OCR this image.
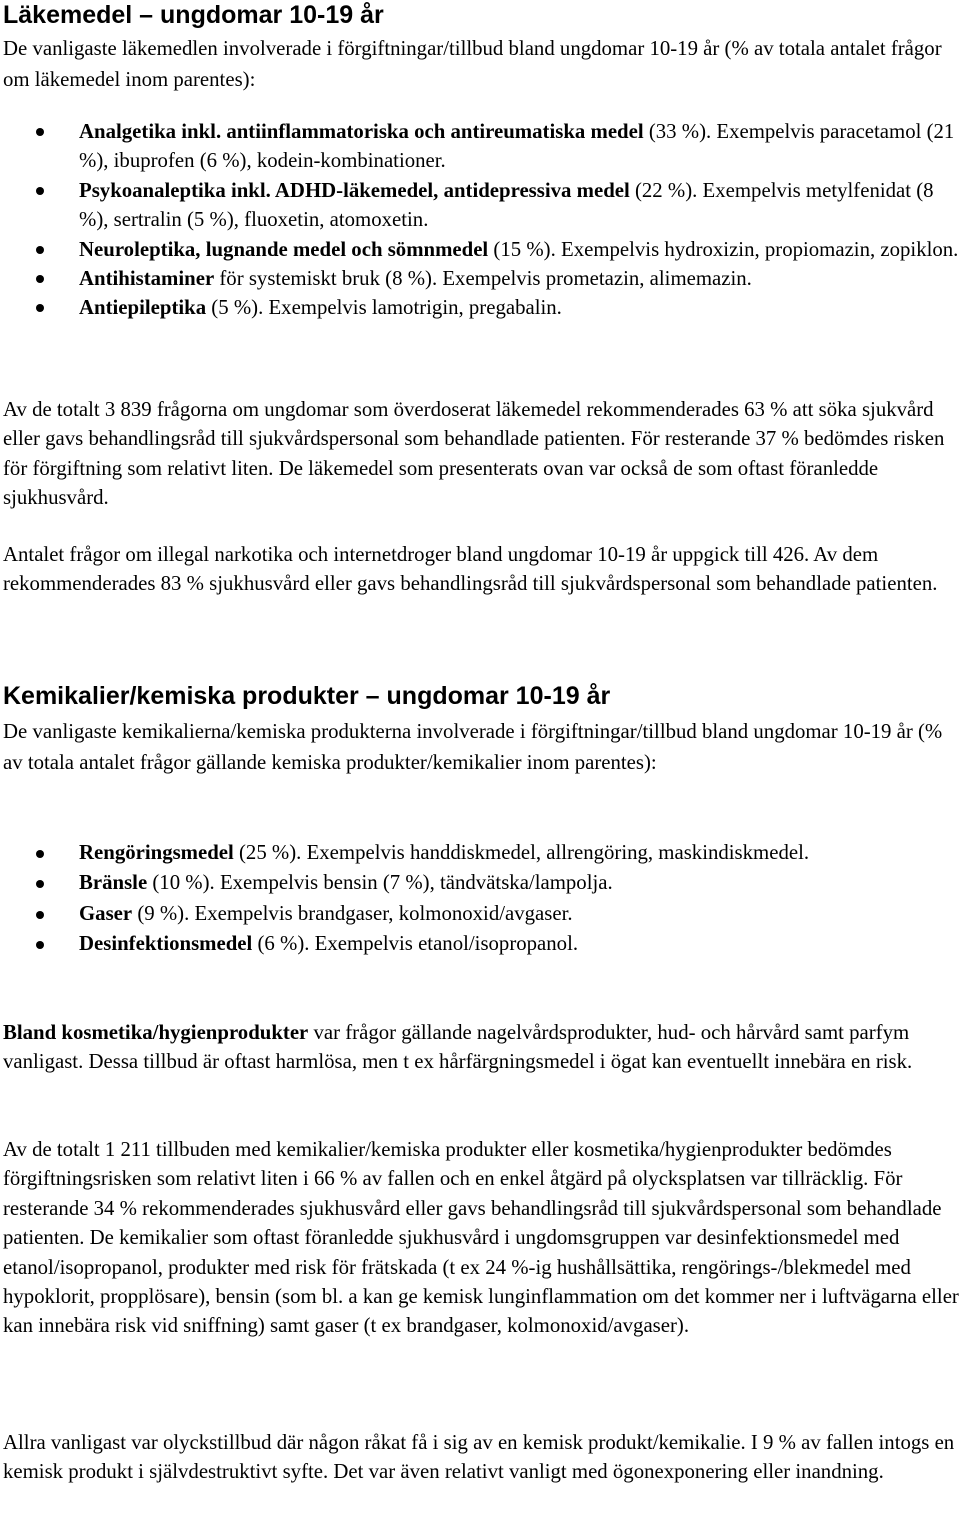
Läkemedel – ungdomar 10-19 år

De vanligaste läkemedlen involverade i förgiftningar/tillbud bland ungdomar 10-19 år (% av totala antalet frågor om läkemedel inom parentes):

Analgetika inkl. antiinflammatoriska och antireumatiska medel (33 %). Exempelvis paracetamol (21 %), ibuprofen (6 %), kodein-kombinationer.
Psykoanaleptika inkl. ADHD-läkemedel, antidepressiva medel (22 %). Exempelvis metylfenidat (8 %), sertralin (5 %), fluoxetin, atomoxetin.
Neuroleptika, lugnande medel och sömnmedel (15 %). Exempelvis hydroxizin, propiomazin, zopiklon.
Antihistaminer för systemiskt bruk (8 %). Exempelvis prometazin, alimemazin.
Antiepileptika (5 %). Exempelvis lamotrigin, pregabalin.

Av de totalt 3 839 frågorna om ungdomar som överdoserat läkemedel rekommenderades 63 % att söka sjukvård eller gavs behandlingsråd till sjukvårdspersonal som behandlade patienten. För resterande 37 % bedömdes risken för förgiftning som relativt liten. De läkemedel som presenterats ovan var också de som oftast föranledde sjukhusvård.

Antalet frågor om illegal narkotika och internetdroger bland ungdomar 10-19 år uppgick till 426. Av dem rekommenderades 83 % sjukhusvård eller gavs behandlingsråd till sjukvårdspersonal som behandlade patienten.

Kemikalier/kemiska produkter – ungdomar 10-19 år

De vanligaste kemikalierna/kemiska produkterna involverade i förgiftningar/tillbud bland ungdomar 10-19 år (% av totala antalet frågor gällande kemiska produkter/kemikalier inom parentes):

Rengöringsmedel (25 %). Exempelvis handdiskmedel, allrengöring, maskindiskmedel.
Bränsle (10 %). Exempelvis bensin (7 %), tändvätska/lampolja.
Gaser (9 %). Exempelvis brandgaser, kolmonoxid/avgaser.
Desinfektionsmedel (6 %). Exempelvis etanol/isopropanol.

Bland kosmetika/hygienprodukter var frågor gällande nagelvårdsprodukter, hud- och hårvård samt parfym vanligast. Dessa tillbud är oftast harmlösa, men t ex hårfärgningsmedel i ögat kan eventuellt innebära en risk.

Av de totalt 1 211 tillbuden med kemikalier/kemiska produkter eller kosmetika/hygienprodukter bedömdes förgiftningsrisken som relativt liten i 66 % av fallen och en enkel åtgärd på olycksplatsen var tillräcklig. För resterande 34 % rekommenderades sjukhusvård eller gavs behandlingsråd till sjukvårdspersonal som behandlade patienten. De kemikalier som oftast föranledde sjukhusvård i ungdomsgruppen var desinfektionsmedel med etanol/isopropanol, produkter med risk för frätskada (t ex 24 %-ig hushållsättika, rengörings-/blekmedel med hypoklorit, propplösare), bensin (som bl. a kan ge kemisk lunginflammation om det kommer ner i luftvägarna eller kan innebära risk vid sniffning) samt gaser (t ex brandgaser, kolmonoxid/avgaser).

Allra vanligast var olyckstillbud där någon råkat få i sig av en kemisk produkt/kemikalie. I 9 % av fallen intogs en kemisk produkt i självdestruktivt syfte. Det var även relativt vanligt med ögonexponering eller inandning.
